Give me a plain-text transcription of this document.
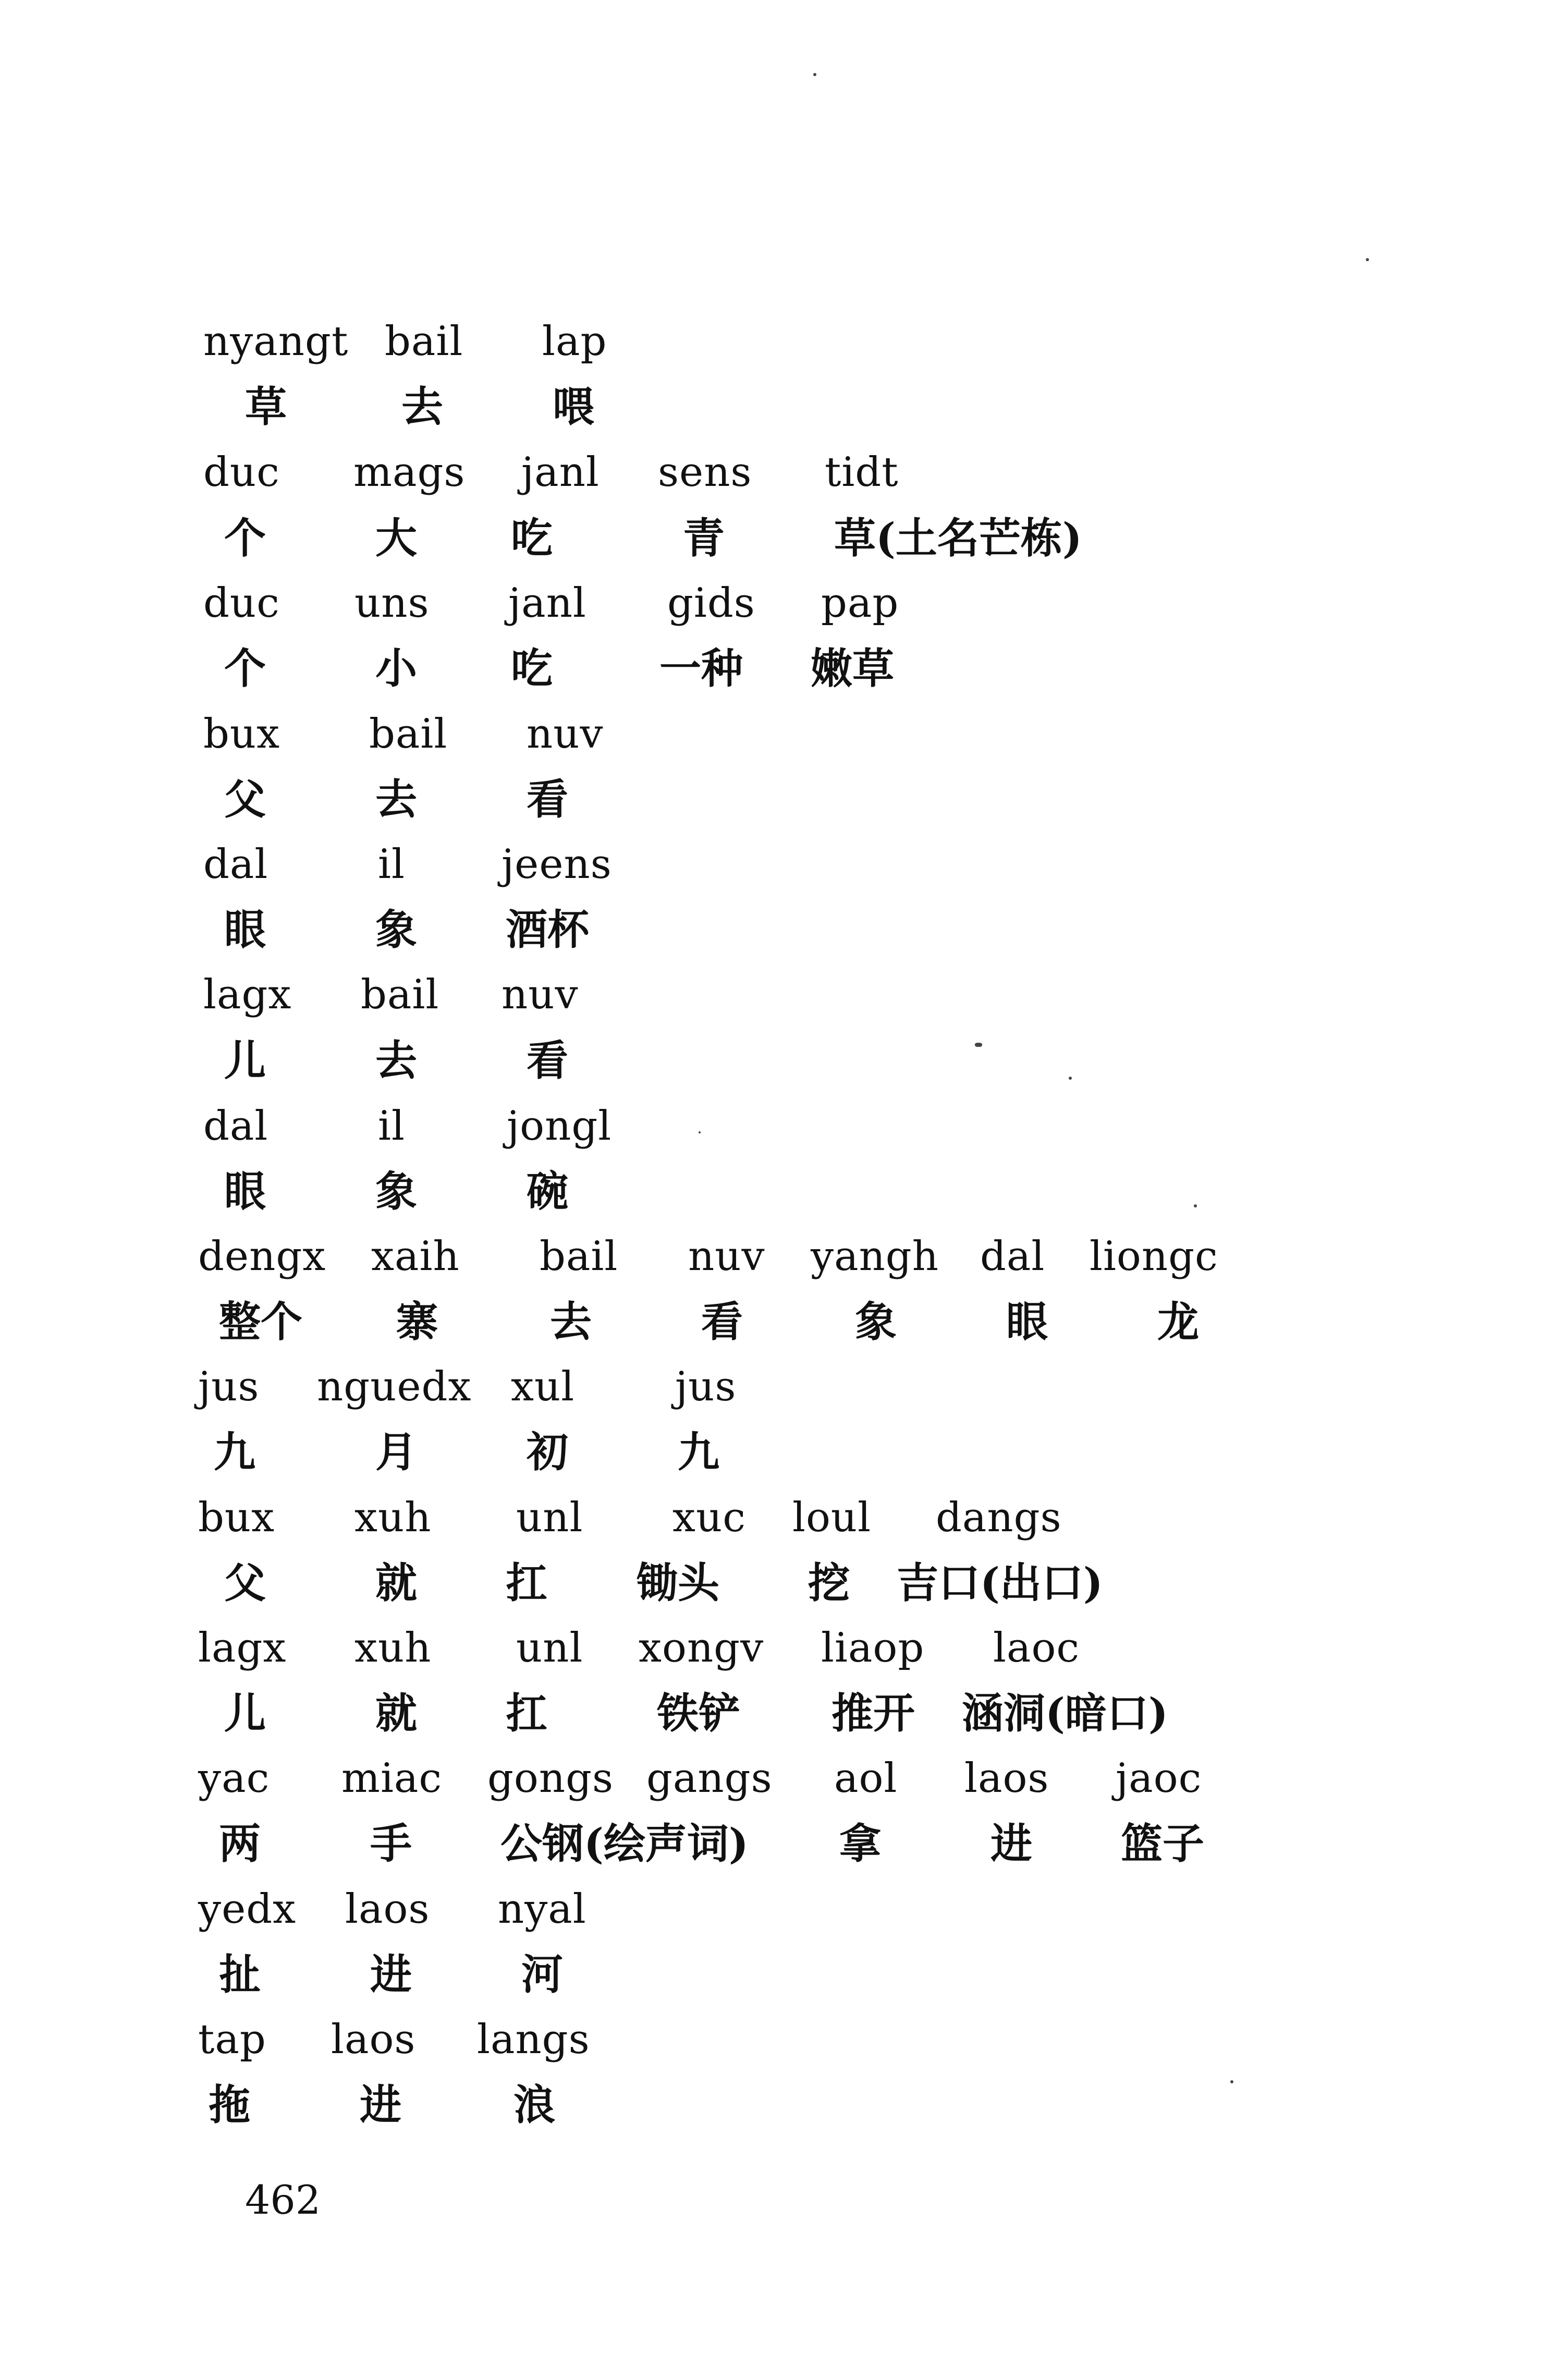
nyangt bail lap
草	去	喂
duc mags janl sens tidt
个	大 吃	青	草(土名芒栋)
duc uns janl gids pap
个	小 吃	一种 嫩草
bux bail nuv
父	去	看
dal	il jeens
眼	象 酒杯
lagx bail nuv
儿	去	看
dal	il	jongl
眼	象	碗
dengx xaih bail nuv yangh dal liongc
整个 寨	去	看	象	眼	龙
jus nguedx xul jus
九	月	初	九
bux xuh unl xuc loul dangs
父	就 扛 锄头 挖 吉口(出口)
lagx xuh unl xongv liaop laoc
儿	就 扛	铁铲 推开 涵洞(暗口)
yac miac gongs gangs aol laos jaoc
两	手 公钢(绘声词) 拿	进 篮子
yedx laos nyal
扯	进	河
tap laos langs
拖	进	浪
462
